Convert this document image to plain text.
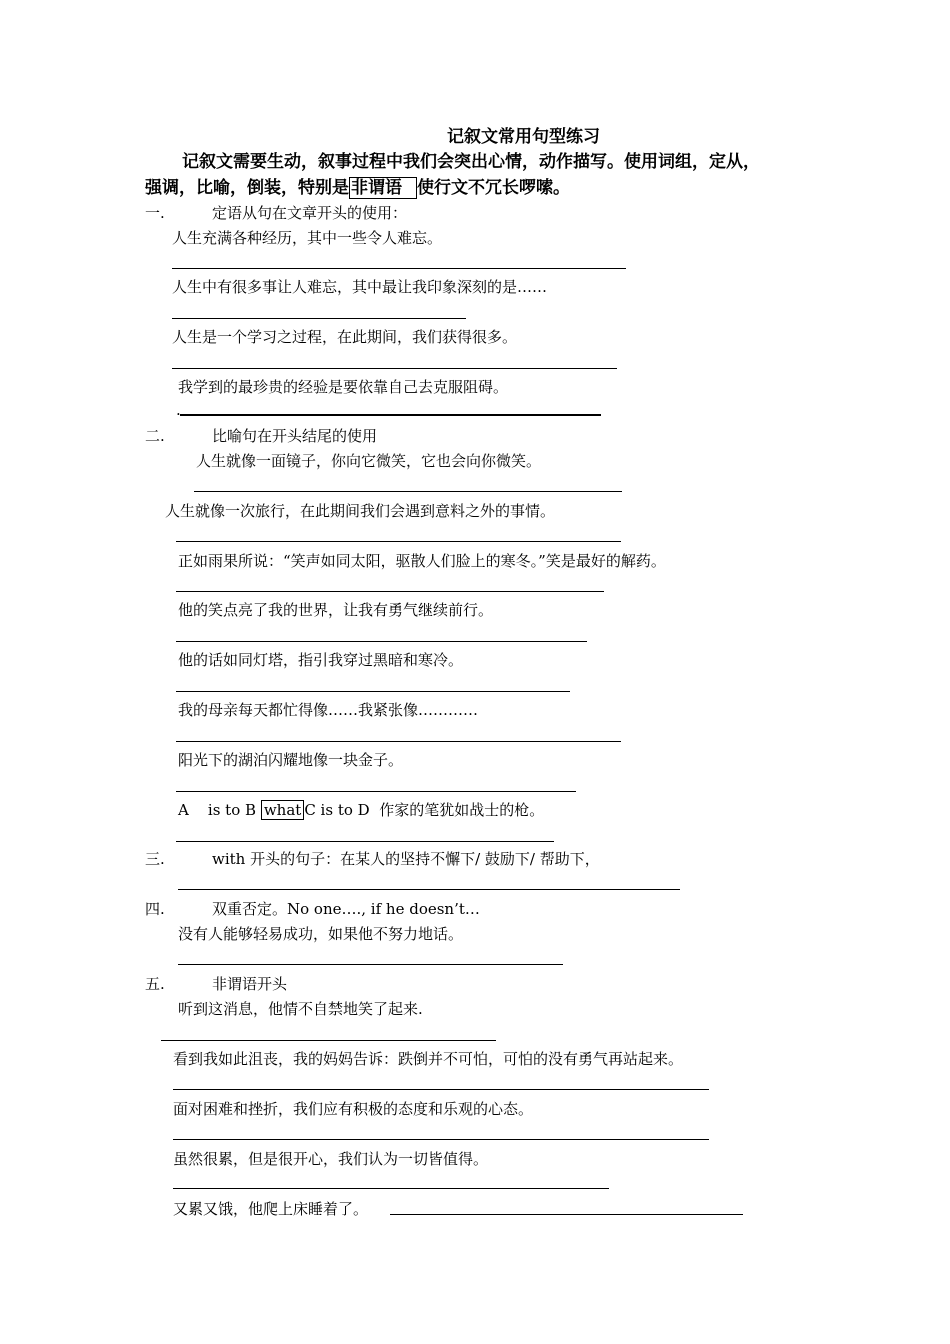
记叙文常用句型练习
记叙文需要生动，叙事过程中我们会突出心情，动作描写。使用词组，定从，
强调，比喻，倒装，特别是 非谓语 使行文不冗长啰嗦。
一.	定语从句在文章开头的使用：
人生充满各种经历，其中一些令人难忘。
人生中有很多事让人难忘，其中最让我印象深刻的是……
人生是一个学习之过程，在此期间，我们获得很多。
我学到的最珍贵的经验是要依靠自己去克服阻碍。
.
二.	比喻句在开头结尾的使用
人生就像一面镜子，你向它微笑，它也会向你微笑。
人生就像一次旅行，在此期间我们会遇到意料之外的事情。
正如雨果所说：“笑声如同太阳，驱散人们脸上的寒冬。”笑是最好的解药。
他的笑点亮了我的世界，让我有勇气继续前行。
他的话如同灯塔，指引我穿过黑暗和寒冷。
我的母亲每天都忙得像……我紧张像…………
阳光下的湖泊闪耀地像一块金子。
A is to B what C is to D 作家的笔犹如战士的枪。
三.	with 开头的句子：在某人的坚持不懈下/ 鼓励下/ 帮助下，
四.	双重否定。No one…., if he doesn’t…
没有人能够轻易成功，如果他不努力地话。
五.	非谓语开头
听到这消息，他情不自禁地笑了起来.
看到我如此沮丧，我的妈妈告诉：跌倒并不可怕，可怕的没有勇气再站起来。
面对困难和挫折，我们应有积极的态度和乐观的心态。
虽然很累，但是很开心，我们认为一切皆值得。
又累又饿，他爬上床睡着了。
